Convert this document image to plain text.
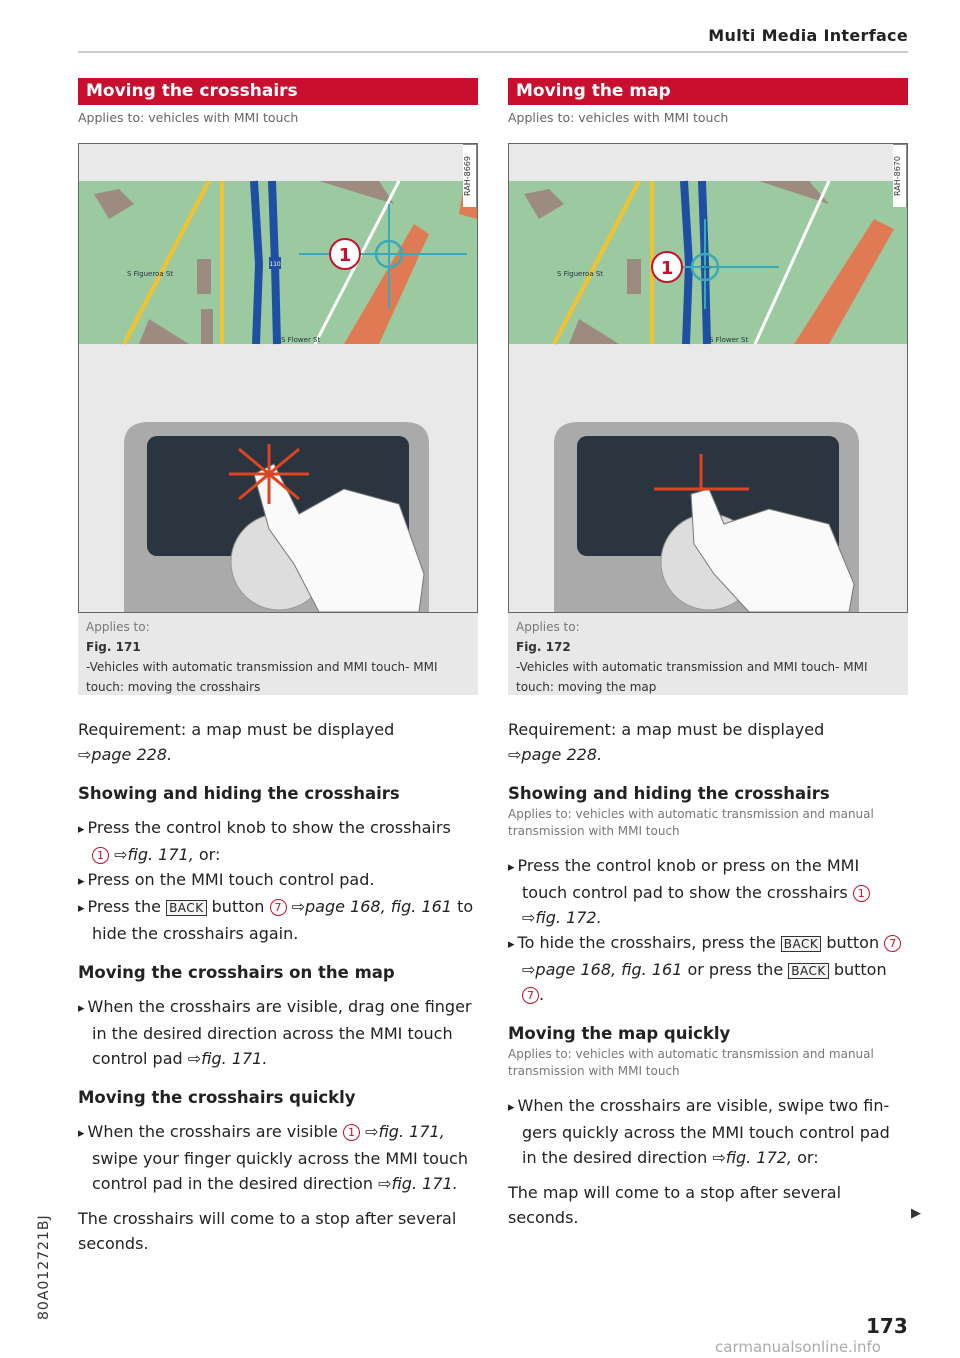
Multi Media Interface
Moving the crosshairs
Applies to: vehicles with MMI touch
1
110
S Figueroa St
S Flower St
RAH-8669
Applies to:
Fig. 171
-Vehicles with automatic transmission and MMI touch- MMI touch: moving the crosshairs

Requirement: a map must be displayed
⇨page 228.

Showing and hiding the crosshairs

▸ Press the control knob to show the crosshairs
1 ⇨fig. 171, or:

▸ Press on the MMI touch control pad.

▸ Press the BACK button 7 ⇨page 168, fig. 161 to hide the crosshairs again.

Moving the crosshairs on the map

▸ When the crosshairs are visible, drag one finger in the desired direction across the MMI touch control pad ⇨fig. 171.

Moving the crosshairs quickly

▸ When the crosshairs are visible 1 ⇨fig. 171, swipe your finger quickly across the MMI touch control pad in the desired direction ⇨fig. 171.

The crosshairs will come to a stop after several seconds.

Moving the map
Applies to: vehicles with MMI touch
1	110
S Figueroa St
S Flower St
RAH-8670
Applies to:
Fig. 172
-Vehicles with automatic transmission and MMI touch- MMI touch: moving the map

Requirement: a map must be displayed
⇨page 228.

Showing and hiding the crosshairs

Applies to: vehicles with automatic transmission and manual transmission with MMI touch

▸ Press the control knob or press on the MMI touch control pad to show the crosshairs 1 ⇨fig. 172.

▸ To hide the crosshairs, press the BACK button 7 ⇨page 168, fig. 161 or press the BACK button 7 .

Moving the map quickly

Applies to: vehicles with automatic transmission and manual transmission with MMI touch

▸ When the crosshairs are visible, swipe two fingers quickly across the MMI touch control pad in the desired direction ⇨fig. 172, or:

The map will come to a stop after several seconds.	▶
80A012721BJ
173
carmanualsonline.info
